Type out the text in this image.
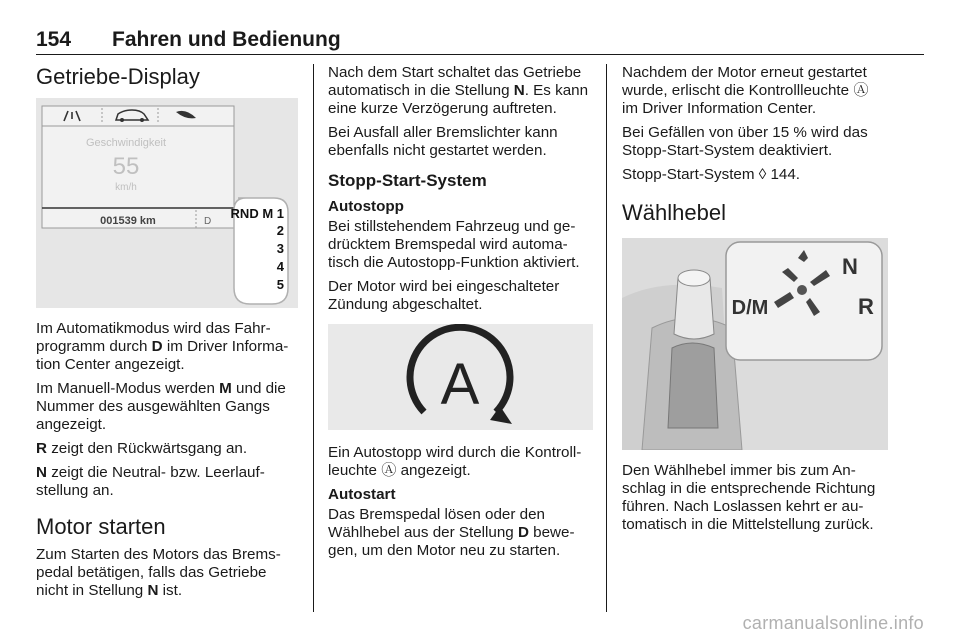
154 Fahren und Bedienung
Getriebe-Display
Geschwindigkeit
55
km/h
001539 km	D
RND M 1
2
3
4
5

Im Automatikmodus wird das Fahrprogramm durch D im Driver Information Center angezeigt.

Im Manuell-Modus werden M und die Nummer des ausgewählten Gangs angezeigt.

R zeigt den Rückwärtsgang an.

N zeigt die Neutral- bzw. Leerlaufstellung an.

Motor starten

Zum Starten des Motors das Bremspedal betätigen, falls das Getriebe nicht in Stellung N ist.

Nach dem Start schaltet das Getriebe automatisch in die Stellung N. Es kann eine kurze Verzögerung auftreten.

Bei Ausfall aller Bremslichter kann ebenfalls nicht gestartet werden.

Stopp-Start-System
Autostopp

Bei stillstehendem Fahrzeug und gedrücktem Bremspedal wird automatisch die Autostopp-Funktion aktiviert.

Der Motor wird bei eingeschalteter Zündung abgeschaltet.

A

Ein Autostopp wird durch die Kontrollleuchte Ⓐ angezeigt.

Autostart

Das Bremspedal lösen oder den Wählhebel aus der Stellung D bewegen, um den Motor neu zu starten.

Nachdem der Motor erneut gestartet wurde, erlischt die Kontrollleuchte Ⓐ im Driver Information Center.

Bei Gefällen von über 15 % wird das Stopp-Start-System deaktiviert.

Stopp-Start-System ◊ 144.

Wählhebel
N
R
D/M

Den Wählhebel immer bis zum Anschlag in die entsprechende Richtung führen. Nach Loslassen kehrt er automatisch in die Mittelstellung zurück.

carmanualsonline.info
